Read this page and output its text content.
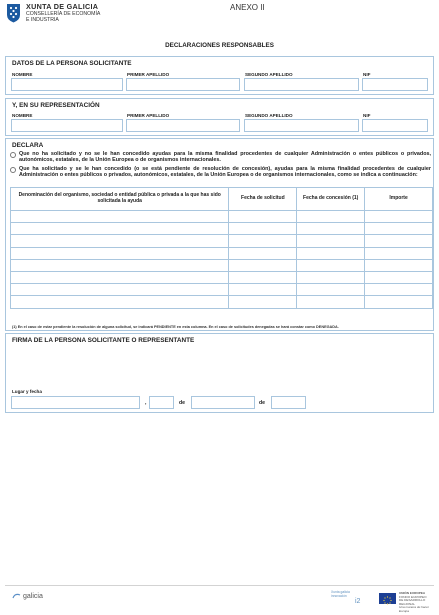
XUNTA DE GALICIA
CONSELLERÍA DE ECONOMÍA
E INDUSTRIA
ANEXO II
DECLARACIONES RESPONSABLES
DATOS DE LA PERSONA SOLICITANTE
NOMBRE	PRIMER APELLIDO	SEGUNDO APELLIDO	NIF
Y, EN SU REPRESENTACIÓN
NOMBRE	PRIMER APELLIDO	SEGUNDO APELLIDO	NIF
DECLARA
Que no ha solicitado y no se le han concedido ayudas para la misma finalidad procedentes de cualquier Administración o entes públicos o privados, autonómicos, estatales, de la Unión Europea o de organismos internacionales.
Que ha solicitado y se le han concedido (o se está pendiente de resolución de concesión), ayudas para la misma finalidad procedentes de cualquier Administración o entes públicos o privados, autonómicos, estatales, de la Unión Europea o de organismos internacionales, como se indica a continuación:
Denominación del organismo, sociedad o entidad pública o privada a la que has sido solicitada la ayuda	Fecha de solicitud	Fecha de concesión (1)	Importe

(1) En el caso de estar pendiente la resolución de alguna solicitud, se indicará PENDIENTE en esta columna. En el caso de solicitudes denegadas se hará constar como DENEGADA.
FIRMA DE LA PERSONA SOLICITANTE O REPRESENTANTE
Lugar y fecha
,	de	de
galicia
Xunta galicia innovación
i2
UNIÓN EUROPEA
FONDO EUROPEO
DE DESARROLLO REGIONAL
Una manera de hacer Europa
